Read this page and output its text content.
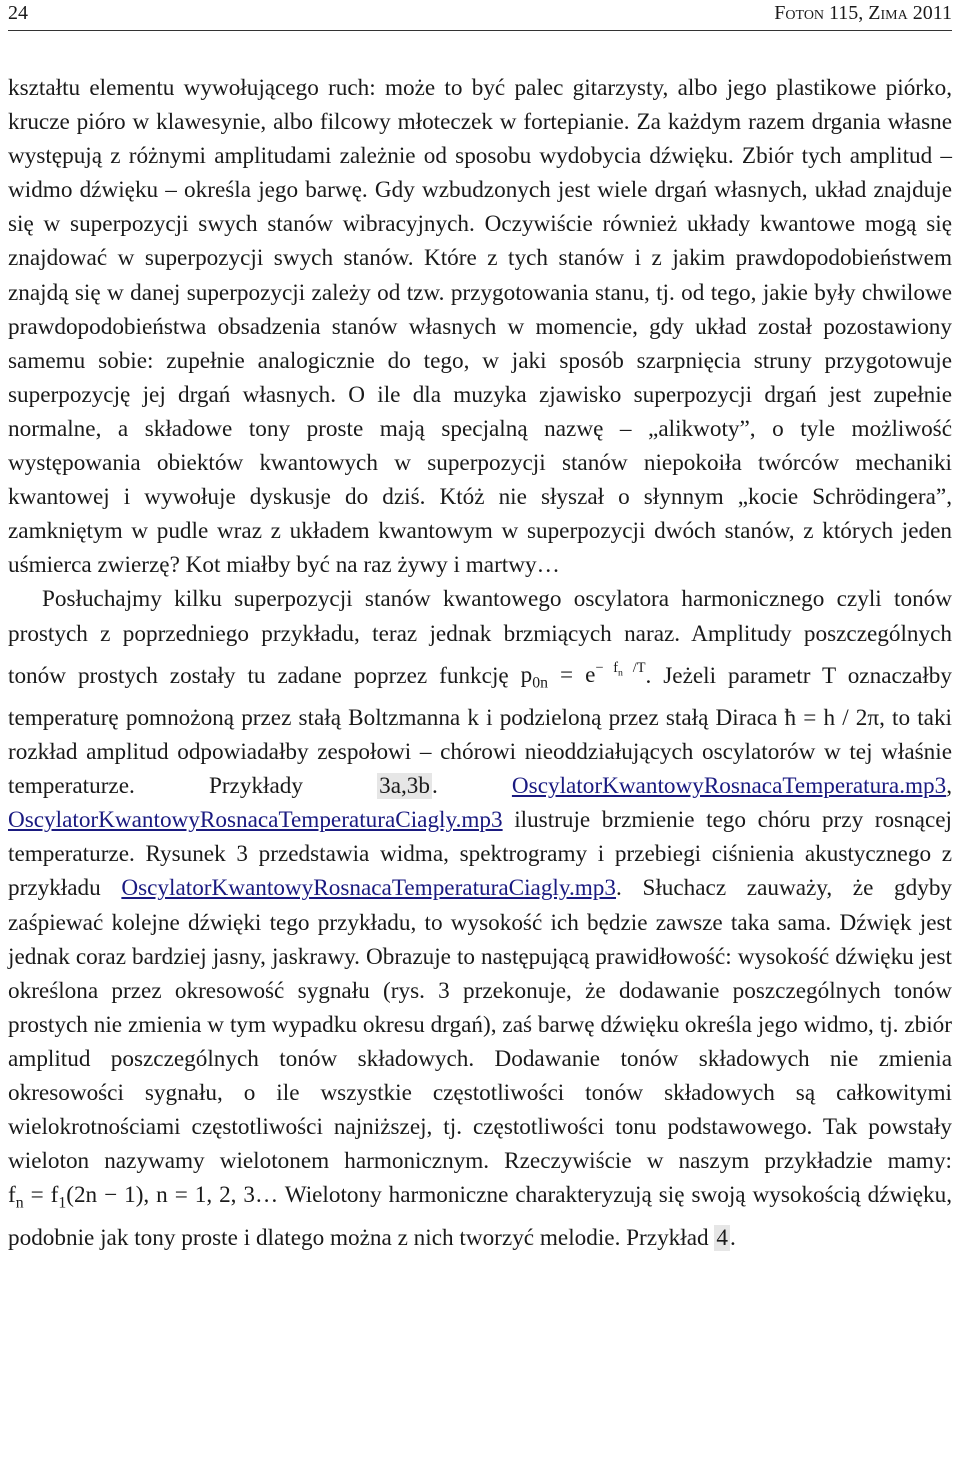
24	Foton 115, Zima 2011

kształtu elementu wywołującego ruch: może to być palec gitarzysty, albo jego plastikowe piórko, krucze pióro w klawesynie, albo filcowy młoteczek w fortepianie. Za każdym razem drgania własne występują z różnymi amplitudami zależnie od sposobu wydobycia dźwięku. Zbiór tych amplitud – widmo dźwięku – określa jego barwę. Gdy wzbudzonych jest wiele drgań własnych, układ znajduje się w superpozycji swych stanów wibracyjnych. Oczywiście również układy kwantowe mogą się znajdować w superpozycji swych stanów. Które z tych stanów i z jakim prawdopodobieństwem znajdą się w danej superpozycji zależy od tzw. przygotowania stanu, tj. od tego, jakie były chwilowe prawdopodobieństwa obsadzenia stanów własnych w momencie, gdy układ został pozostawiony samemu sobie: zupełnie analogicznie do tego, w jaki sposób szarpnięcia struny przygotowuje superpozycję jej drgań własnych. O ile dla muzyka zjawisko superpozycji drgań jest zupełnie normalne, a składowe tony proste mają specjalną nazwę – „alikwoty”, o tyle możliwość występowania obiektów kwantowych w superpozycji stanów niepokoiła twórców mechaniki kwantowej i wywołuje dyskusje do dziś. Któż nie słyszał o słynnym „kocie Schrödingera”, zamkniętym w pudle wraz z układem kwantowym w superpozycji dwóch stanów, z których jeden uśmierca zwierzę? Kot miałby być na raz żywy i martwy…

Posłuchajmy kilku superpozycji stanów kwantowego oscylatora harmonicznego czyli tonów prostych z poprzedniego przykładu, teraz jednak brzmiących naraz. Amplitudy poszczególnych tonów prostych zostały tu zadane poprzez funkcję $p_{0n} = e^{- f_n /T}$. Jeżeli parametr T oznaczałby temperaturę pomnożoną przez stałą Boltzmanna k i podzieloną przez stałą Diraca ħ = h / 2π, to taki rozkład amplitud odpowiadałby zespołowi – chórowi nieoddziałujących oscylatorów w tej właśnie temperaturze. Przykłady 3a,3b. OscylatorKwantowyRosnacaTemperatura.mp3, OscylatorKwantowyRosnacaTemperaturaCiagly.mp3 ilustruje brzmienie tego chóru przy rosnącej temperaturze. Rysunek 3 przedstawia widma, spektrogramy i przebiegi ciśnienia akustycznego z przykładu OscylatorKwantowyRosnacaTemperaturaCiagly.mp3. Słuchacz zauważy, że gdyby zaśpiewać kolejne dźwięki tego przykładu, to wysokość ich będzie zawsze taka sama. Dźwięk jest jednak coraz bardziej jasny, jaskrawy. Obrazuje to następującą prawidłowość: wysokość dźwięku jest określona przez okresowość sygnału (rys. 3 przekonuje, że dodawanie poszczególnych tonów prostych nie zmienia w tym wypadku okresu drgań), zaś barwę dźwięku określa jego widmo, tj. zbiór amplitud poszczególnych tonów składowych. Dodawanie tonów składowych nie zmienia okresowości sygnału, o ile wszystkie częstotliwości tonów składowych są całkowitymi wielokrotnościami częstotliwości najniższej, tj. częstotliwości tonu podstawowego. Tak powstały wieloton nazywamy wielotonem harmonicznym. Rzeczywiście w naszym przykładzie mamy: $f_n = f_1(2n - 1)$, n = 1, 2, 3… Wielotony harmoniczne charakteryzują się swoją wysokością dźwięku, podobnie jak tony proste i dlatego można z nich tworzyć melodie. Przykład 4.
